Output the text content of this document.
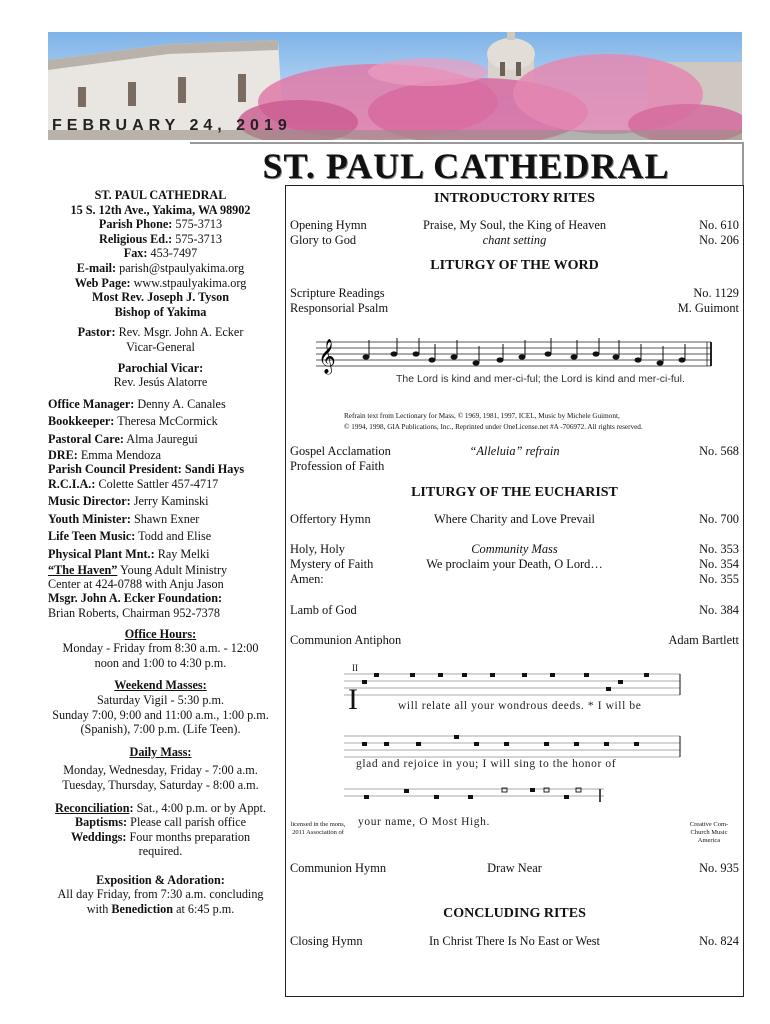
FEBRUARY 24, 2019
ST. PAUL CATHEDRAL
ST. PAUL CATHEDRAL
15 S. 12th Ave., Yakima, WA 98902
Parish Phone: 575-3713
Religious Ed.: 575-3713
Fax: 453-7497
E-mail: parish@stpaulyakima.org
Web Page: www.stpaulyakima.org
Most Rev. Joseph J. Tyson
Bishop of Yakima
Pastor: Rev. Msgr. John A. Ecker
Vicar-General
Parochial Vicar:
Rev. Jesús Alatorre
Office Manager: Denny A. Canales
Bookkeeper: Theresa McCormick
Pastoral Care: Alma Jauregui
DRE: Emma Mendoza
Parish Council President: Sandi Hays
R.C.I.A.: Colette Sattler 457-4717
Music Director: Jerry Kaminski
Youth Minister: Shawn Exner
Life Teen Music: Todd and Elise
Physical Plant Mnt.: Ray Melki
“The Haven” Young Adult Ministry
Center at 424-0788 with Anju Jason
Msgr. John A. Ecker Foundation:
Brian Roberts, Chairman 952-7378
Office Hours:
Monday - Friday from 8:30 a.m. - 12:00
noon and 1:00 to 4:30 p.m.
Weekend Masses:
Saturday Vigil - 5:30 p.m.
Sunday 7:00, 9:00 and 11:00 a.m., 1:00 p.m.
(Spanish), 7:00 p.m. (Life Teen).
Daily Mass:
Monday, Wednesday, Friday - 7:00 a.m.
Tuesday, Thursday, Saturday - 8:00 a.m.
Reconciliation: Sat., 4:00 p.m. or by Appt.
Baptisms: Please call parish office
Weddings: Four months preparation
required.
Exposition & Adoration:
All day Friday, from 7:30 a.m. concluding
with Benediction at 6:45 p.m.
INTRODUCTORY RITES
Opening Hymn	Praise, My Soul, the King of Heaven	No. 610
Glory to God	chant setting	No. 206
LITURGY OF THE WORD
Scripture Readings	No. 1129
Responsorial Psalm	M. Guimont
𝄞
The Lord is kind and mer-ci-ful; the Lord is kind and mer-ci-ful.
Refrain text from Lectionary for Mass, © 1969, 1981, 1997, ICEL, Music by Michele Guimont,
© 1994, 1998, GIA Publications, Inc., Reprinted under OneLicense.net #A -706972. All rights reserved.
Gospel Acclamation	“Alleluia” refrain	No. 568
Profession of Faith
LITURGY OF THE EUCHARIST
Offertory Hymn	Where Charity and Love Prevail	No. 700
Holy, Holy	Community Mass	No. 353
Mystery of Faith	We proclaim your Death, O Lord…	No. 354
Amen:	No. 355
Lamb of God	No. 384
Communion Antiphon	Adam Bartlett
II
I	will relate all your wondrous deeds. * I will be
glad and rejoice in you; I will sing to the honor of
your name, O Most High.
licensed in the mons, 2011 Association of
Creative Com- Church Music America
Communion Hymn	Draw Near	No. 935
CONCLUDING RITES
Closing Hymn	In Christ There Is No East or West	No. 824
